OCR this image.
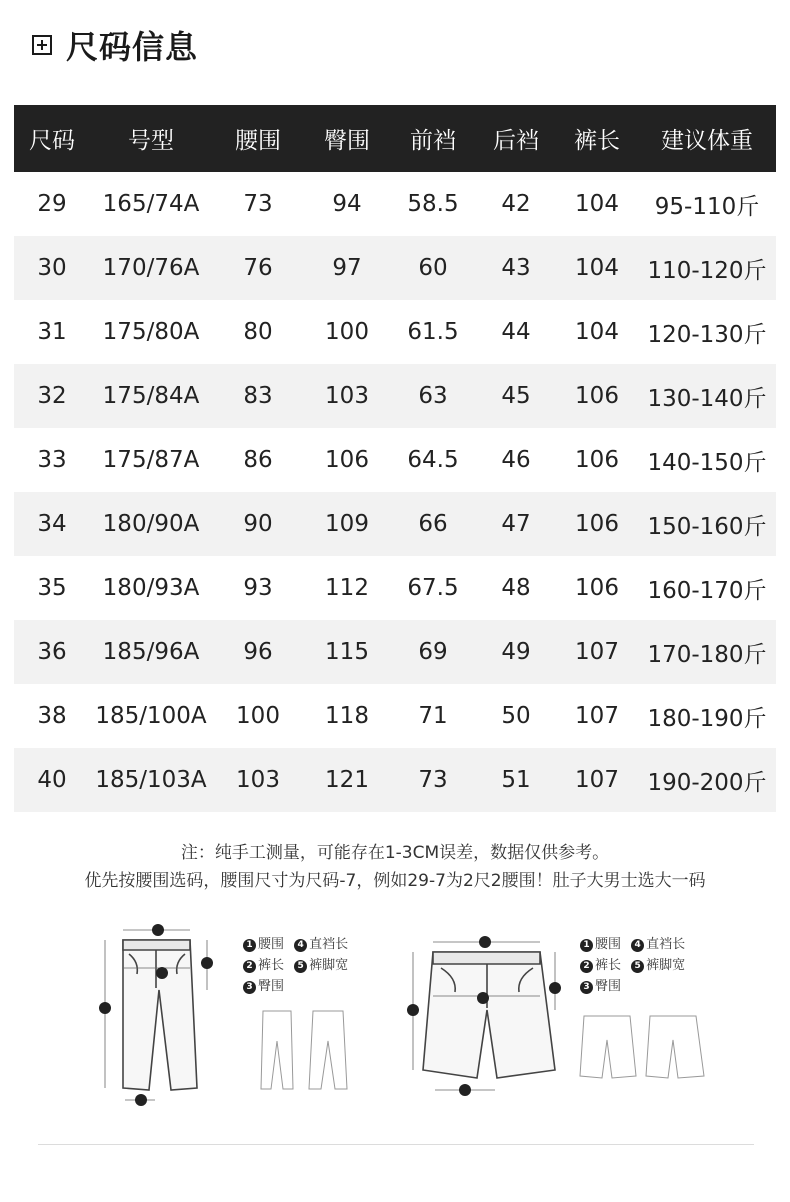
尺码信息
尺码	号型	腰围	臀围	前裆	后裆	裤长	建议体重
29	165/74A	73	94	58.5	42	104	95-110斤
30	170/76A	76	97	60	43	104	110-120斤
31	175/80A	80	100	61.5	44	104	120-130斤
32	175/84A	83	103	63	45	106	130-140斤
33	175/87A	86	106	64.5	46	106	140-150斤
34	180/90A	90	109	66	47	106	150-160斤
35	180/93A	93	112	67.5	48	106	160-170斤
36	185/96A	96	115	69	49	107	170-180斤
38	185/100A	100	118	71	50	107	180-190斤
40	185/103A	103	121	73	51	107	190-200斤
注：纯手工测量，可能存在1-3CM误差，数据仅供参考。
优先按腰围选码，腰围尺寸为尺码-7，例如29-7为2尺2腰围！肚子大男士选大一码
1 腰围
	4 直裆长
2 裤长
	5 裤脚宽
3 臀围
1 腰围
	4 直裆长
2 裤长
	5 裤脚宽
3 臀围
